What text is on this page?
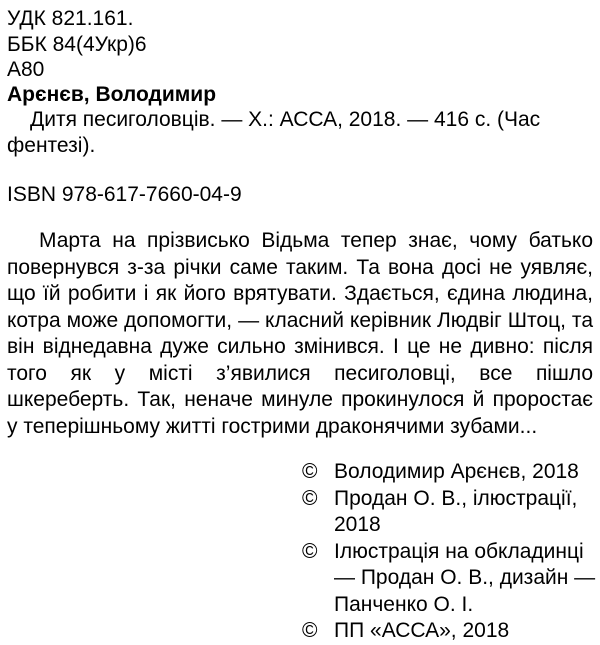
УДК 821.161.
ББК 84(4Укр)6
А80
Арєнєв, Володимир
Дитя песиголовців. — Х.: АССА, 2018. — 416 с. (Час
фентезі).
ISBN 978-617-7660-04-9

Марта на прізвисько Відьма тепер знає, чому батько повернувся з-за річки саме таким. Та вона досі не уявляє, що їй робити і як його врятувати. Здається, єдина людина, котра може допомогти, — класний керівник Людвіг Штоц, та він віднедавна дуже сильно змінився. І це не дивно: після того як у місті з’явилися песиголовці, все пішло шкереберть. Так, неначе минуле прокинулося й проростає у теперішньому житті гострими драконячими зубами...

© Володимир Арєнєв, 2018
© Продан О. В., ілюстрації, 2018
© Ілюстрація на обкладинці — Продан О. В., дизайн — Панченко О. І.
© ПП «АССА», 2018
